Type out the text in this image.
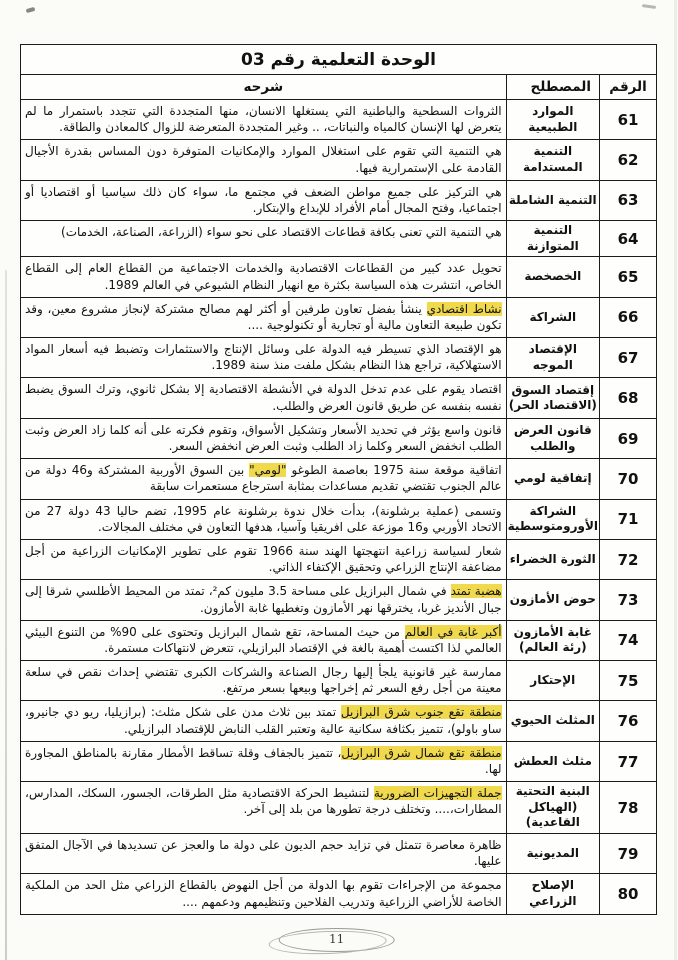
الوحدة التعلمية رقم 03		
الرقم	المصطلح	شرحه
61	الموارد الطبيعية	الثروات السطحية والباطنية التي يستغلها الانسان، منها المتجددة التي تتجدد باستمرار ما لم يتعرض لها الإنسان كالمياه والنباتات، .. وغير المتجددة المتعرضة للزوال كالمعادن والطاقة.
62	التنمية المستدامة	هي التنمية التي تقوم على استغلال الموارد والإمكانيات المتوفرة دون المساس بقدرة الأجيال القادمة على الإستمرارية فيها.
63	التنمية الشاملة	هي التركيز على جميع مواطن الضعف في مجتمع ما، سواء كان ذلك سياسيا أو اقتصاديا أو اجتماعيا، وفتح المجال أمام الأفراد للإبداع والإبتكار.
64	التنمية المتوازنة	هي التنمية التي تعنى بكافة قطاعات الاقتصاد على نحو سواء (الزراعة، الصناعة، الخدمات)
65	الخصخصة	تحويل عدد كبير من القطاعات الاقتصادية والخدمات الاجتماعية من القطاع العام إلى القطاع الخاص، انتشرت هذه السياسة بكثرة مع انهيار النظام الشيوعي في العالم 1989.
66	الشراكة	نشاط اقتصادي ينشأ بفضل تعاون طرفين أو أكثر لهم مصالح مشتركة لإنجاز مشروع معين، وقد تكون طبيعة التعاون مالية أو تجارية أو تكنولوجية ....
67	الإقتصاد الموجه	هو الإقتصاد الذي تسيطر فيه الدولة على وسائل الإنتاج والاستثمارات وتضبط فيه أسعار المواد الاستهلاكية، تراجع هذا النظام بشكل ملفت منذ سنة 1989.
68	إقتصاد السوق (الاقتصاد الحر)	اقتصاد يقوم على عدم تدخل الدولة في الأنشطة الاقتصادية إلا بشكل ثانوي، وترك السوق يضبط نفسه بنفسه عن طريق قانون العرض والطلب.
69	قانون العرض والطلب	قانون واسع يؤثر في تحديد الأسعار وتشكيل الأسواق، وتقوم فكرته على أنه كلما زاد العرض وثبت الطلب انخفض السعر وكلما زاد الطلب وثبت العرض انخفض السعر.
70	إتفاقية لومي	اتفاقية موقعة سنة 1975 بعاصمة الطوغو "لومي" بين السوق الأوربية المشتركة و46 دولة من عالم الجنوب تقتضي تقديم مساعدات بمثابة استرجاع مستعمرات سابقة
71	الشراكة الأورومتوسطية	وتسمى (عملية برشلونة)، بدأت خلال ندوة برشلونة عام 1995، تضم حاليا 43 دولة 27 من الاتحاد الأوربي و16 موزعة على افريقيا وآسيا، هدفها التعاون في مختلف المجالات.
72	الثورة الخضراء	شعار لسياسة زراعية انتهجتها الهند سنة 1966 تقوم على تطوير الإمكانيات الزراعية من أجل مضاعفة الإنتاج الزراعي وتحقيق الإكتفاء الذاتي.
73	حوض الأمازون	هضبة تمتد في شمال البرازيل على مساحة 3.5 مليون كم²، تمتد من المحيط الأطلسي شرقا إلى جبال الأنديز غربا، يخترقها نهر الأمازون وتغطيها غابة الأمازون.
74	غابة الأمازون (رئة العالم)	أكبر غابة في العالم من حيث المساحة، تقع شمال البرازيل وتحتوى على 90% من التنوع البيئي العالمي لذا اكتست أهمية بالغة في الإقتصاد البرازيلي، تتعرض لانتهاكات مستمرة.
75	الإحتكار	ممارسة غير قانونية يلجأ إليها رجال الصناعة والشركات الكبرى تقتضي إحداث نقص في سلعة معينة من أجل رفع السعر ثم إخراجها وبيعها بسعر مرتفع.
76	المثلث الحيوي	منطقة تقع جنوب شرق البرازيل تمتد بين ثلاث مدن على شكل مثلث: (برازيليا، ريو دي جانيرو، ساو باولو)، تتميز بكثافة سكانية عالية وتعتبر القلب النابض للإقتصاد البرازيلي.
77	مثلث العطش	منطقة تقع شمال شرق البرازيل، تتميز بالجفاف وقلة تساقط الأمطار مقارنة بالمناطق المجاورة لها.
78	البنية التحتية (الهياكل القاعدية)	جملة التجهيزات الضرورية لتنشيط الحركة الاقتصادية مثل الطرقات، الجسور، السكك، المدارس، المطارات،.... وتختلف درجة تطورها من بلد إلى آخر.
79	المديونية	ظاهرة معاصرة تتمثل في تزايد حجم الديون على دولة ما والعجز عن تسديدها في الآجال المتفق عليها.
80	الإصلاح الزراعي	مجموعة من الإجراءات تقوم بها الدولة من أجل النهوض بالقطاع الزراعي مثل الحد من الملكية الخاصة للأراضي الزراعية وتدريب الفلاحين وتنظيمهم ودعمهم ....
11
